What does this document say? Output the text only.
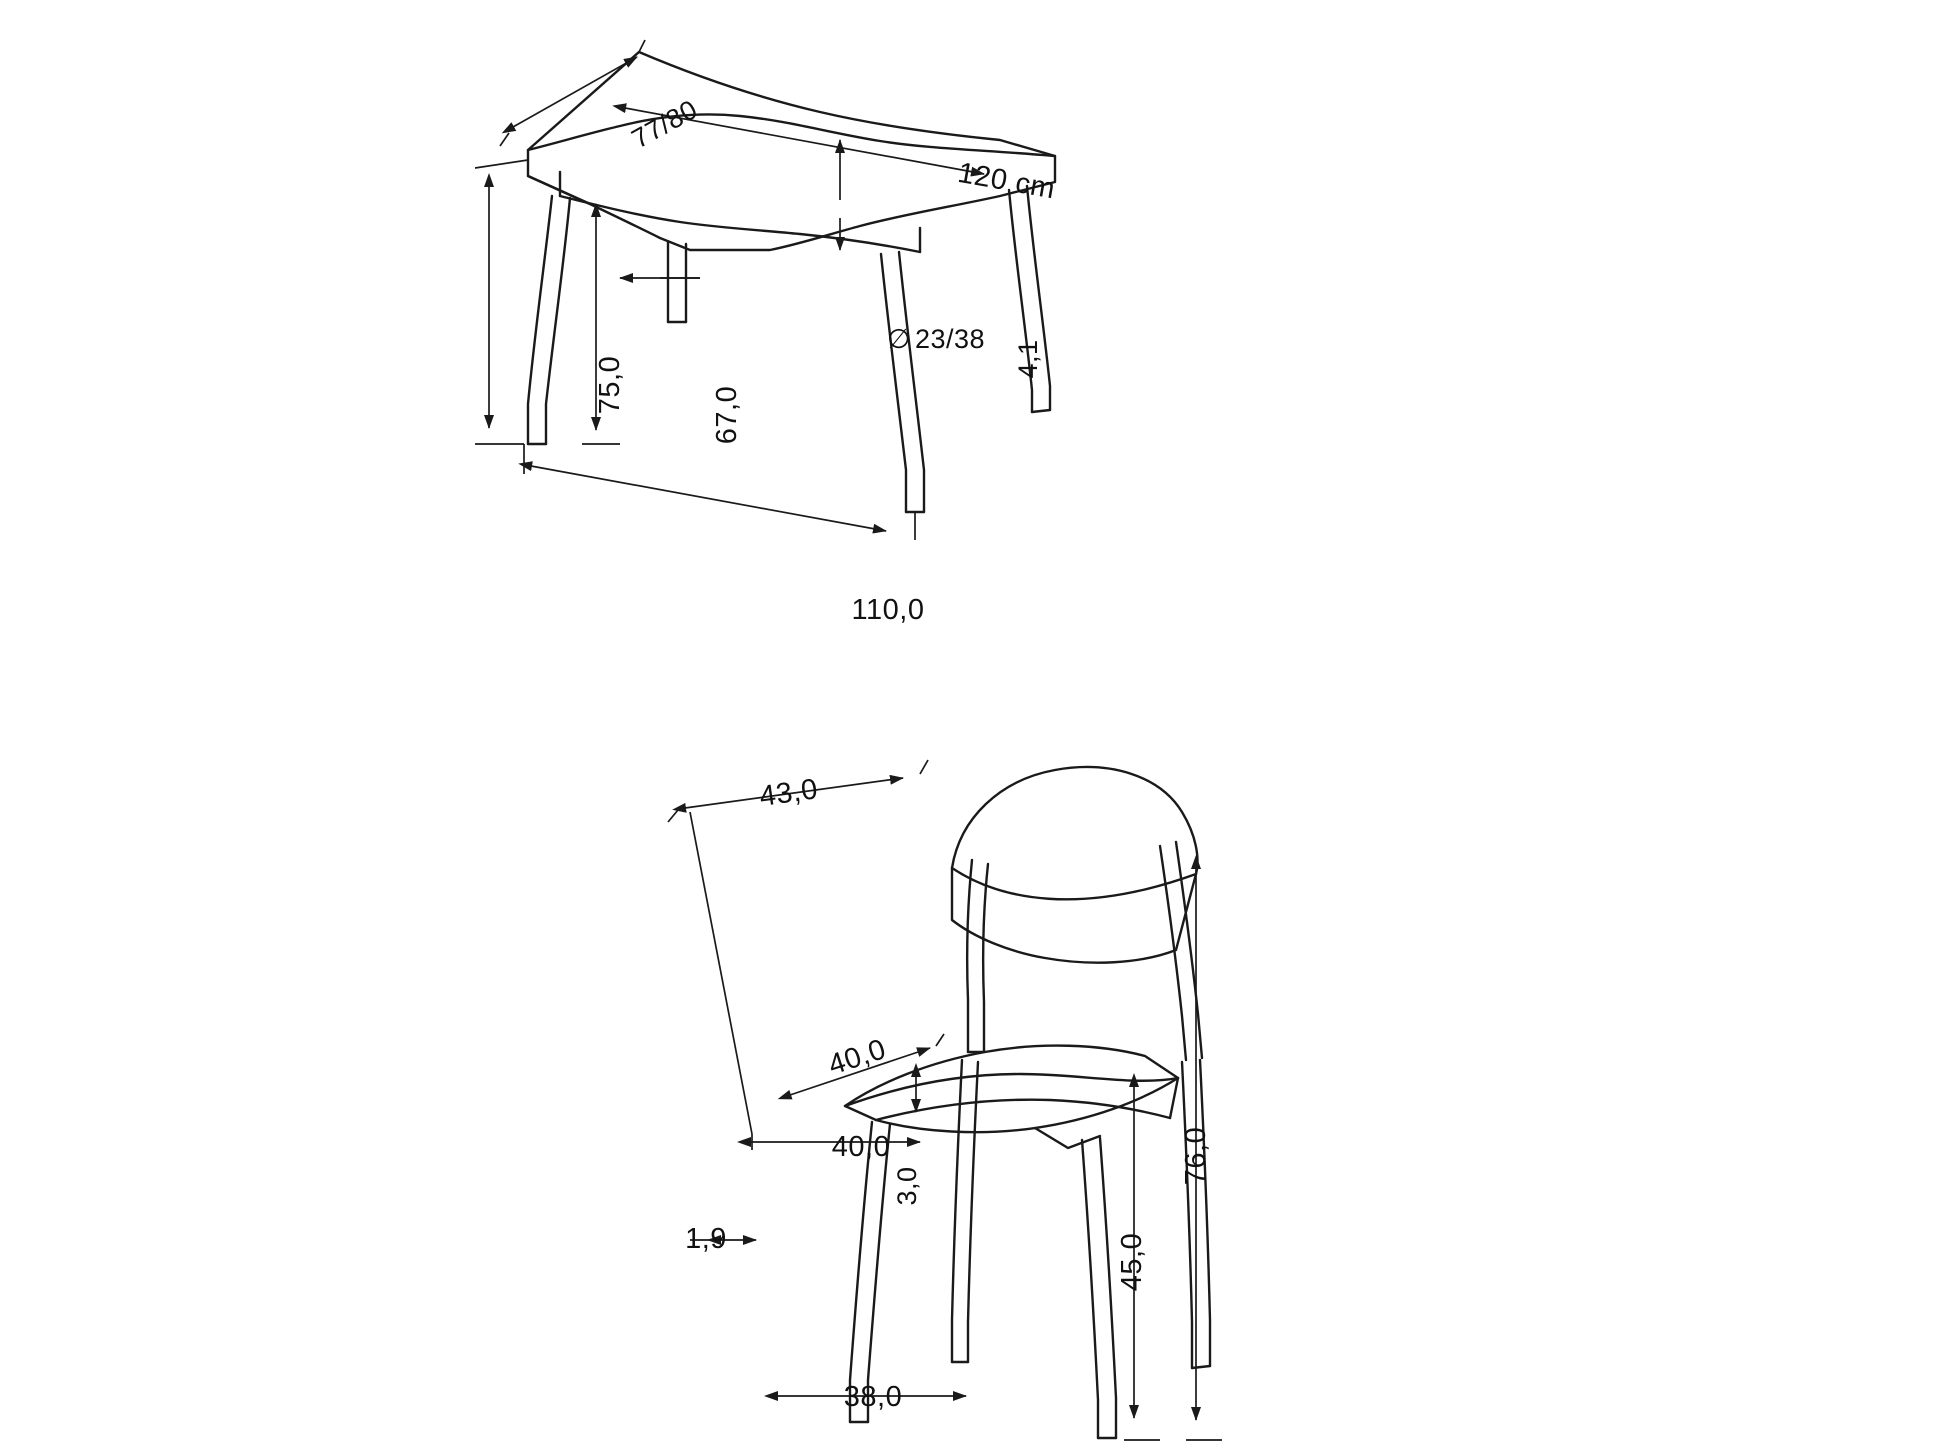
77/80
120 cm
4,1
23/38
∅
75,0
67,0
110,0
43,0
40,0
40,0
3,0
1,9
38,0
45,0
76,0
